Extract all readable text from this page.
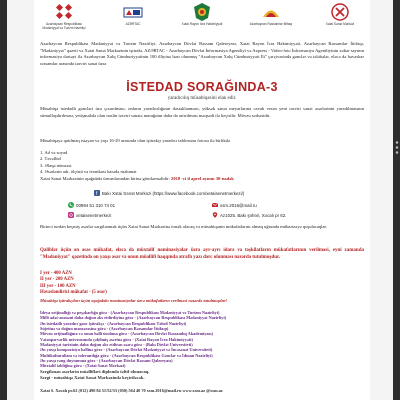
Azərbaycan Respublikası Mədəniyyət və Turizm Nazirliyi
AZƏRTAC	Xətai Rayon İcra Hakimiyyəti	Azərbaycan Rəssamlar İttifaqı	Xətai Sənət Mərkəzi
Azərbaycan Respublikası Mədəniyyət və Turizm Nazirliyi, Azərbaycan Dövlət Rəssam Qalereyası, Xətai Rayon İcra Hakimiyyəti, Azərbaycan Rəssamlar İttifaqı, "Mədəniyyət" qəzeti və Xətai Sənət Mərkəzinin iştirakı, AZƏRTAC - Azərbaycan Dövlət İnformasiya Agentliyi və Azpress - Video-foto İnformasiya Agentliyinin xəbər sayının informasiya dəstəyi ilə Azərbaycan Xalq Cümhuriyyətinin 100 illiyinə həsr olunmuş "Azərbaycan Xalq Cümhuriyyəti İli" çərçivəsində gənclər və tələbələr, eləcə də həvəskar rəssamlar arasında təsviri sənət üzrə
İSTEDAD SORAĞINDA-3
yaradıcılıq müsabiqəsini elan edir.
Müsabiqə istedadlı gəncləri üzə çıxarılması, onların yaradıcılığının dəstəklənməsi, yüksək sənət meyarlarına cavab verən yeni təsviri sənət əsərlərinin yaradılmasının stimullaşdırılması, yetişməkdə olan nəslin təsviri sənətə marağının daha da artırılması məqsədi ilə keçirilir. Mövzu sərbəstdir.
Müsabiqəyə qatılmaq istəyən və yaşı 16-29 arasında olan iştirakçı yaradıcı tablosunu fotosu ilə birlikdə
1. Ad və soyad
2. Təvəllüd
3. Əlaqə nömrəsi
4. Əsərlərin adı, ölçüsü və texnikası barədə məlumat
Xətai Sənət Mərkəzinin aşağıdakı ünvanlarından birinə göndərməlidir: 2018 -ci il aprel ayının 30-nadək
f Bakı Xətai Sənət Mərkəzi (https://www.facebook.com/xetaisenetmerkezi/)
00994 51 310 74 01	xsm.2016@mail.ru
xetaisenetmerkezi	Az1025. Bakı şəhəri, Xocalı pr 62.
Birinci turdan keçmiş əsərlər sərgilənmək üçün Xətai Sənət Mərkəzinə örnək alacaq və müsabiqənin mükafatlarını almaq uğrunda mübarizəyə qoşulacaqlar.
Qaliblər üçün ən əsas mükafat, eləcə də müxtəlif nominasiyalar üzrə ayr-ayrı idarə və təşkilatların mükafatlarının verilməsi, eyni zamanda "Mədəniyyət" qəzetində on yaxşı əsər və onun müəllifi haqqında ətraflı yazı dərc olunması nəzərdə tutulmuşdur.
I yer - 400 AZN
II yer - 200 AZN
III yer - 100 AZN
Həvəsləndirici mükafat - (5 əsər)
Müsabiqə iştirakçıları üçün aşağıdakı nominasiyalar üzrə mükafatların verilməsi nəzərdə tutulmuşdur!
İdeya orijinallığı və peşəkarlığa görə - (Azərbaycan Respublikası Mədəniyyət və Turizm Nazirliyi)
Milli adət-ənənəni daha doğun əks etdirdiyinə görə - (Azərbaycan Respublikası Mədəniyyət Nazirliyi)
Ən istedadlı yaradıcı gənc iştirakçı - (Azərbaycan Respublikası Təhsil Nazirliyi)
Süjetinə və doğun mənzərəsinə görə - (Azərbaycan Rəssamlar İttifaqı)
Mövzu orijinallığına və onun həlli üsuluna görə - (Azərbaycan Dövlət Rəssamlıq Akademiyası)
Vətənpərvərlik mövzusunda çəkilmiş əsərinə görə - (Xətai Rayon İcra Hakimiyyəti)
Mədəniyyət tarixinin daha doğun əks etdirən əsərə görə - (Bakı Dövlət Universiteti)
Ən yaxşı kompozisiya həllinə görə - (Azərbaycan Dövlət Mədəniyyət və İncəsənət Universiteti)
Multikulturalizm və tolerantlığa görə - (Azərbaycan Respublikası Gənclər və İdman Nazirliyi)
Ən yaxşı rəng duyumuna görə - (Azərbaycan Dövlət Rəssam Qalereyası)
Müxtəlif təbliğinə görə - (Xətai Sənət Mərkəzi)
Sərgilənən əsərlərin müəllifləri diplomla təltif olunacaq.
Sərgi - müsabiqə Xətai Sənət Mərkəzində keçiriləcək.
Xətai S. Xocalı pr.62 (012) 490 84 51/52/53 (050) 564 40 70 xsm.2016@mail.ru www.xsm.az @xsm.az
